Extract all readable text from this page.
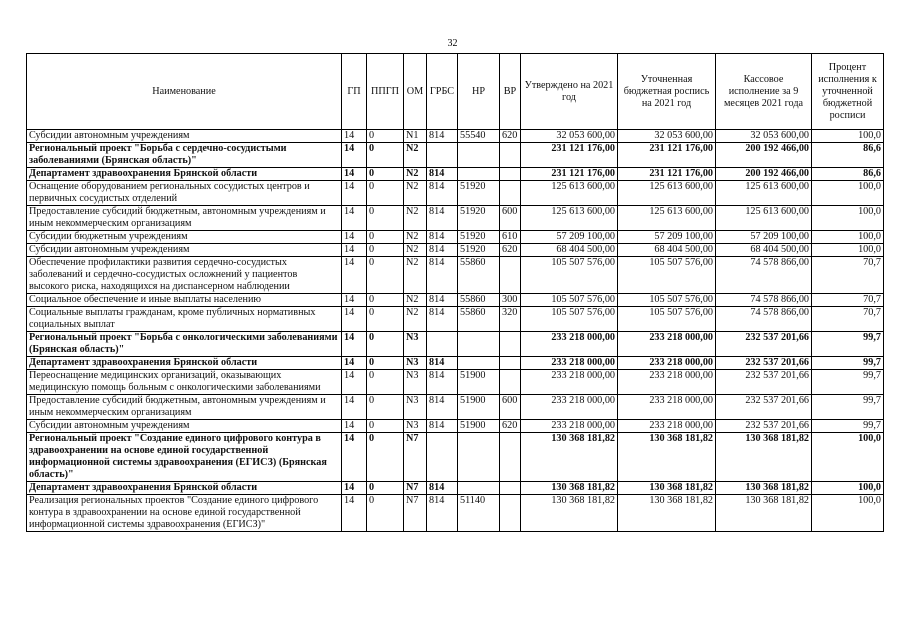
32
Наименование	ГП	ППГП	ОМ	ГРБС	НР	ВР	Утверждено на 2021 год	Уточненная бюджетная роспись на 2021 год	Кассовое исполнение за 9 месяцев 2021 года	Процент исполнения к уточненной бюджетной росписи
Субсидии автономным учреждениям	14	0	N1	814	55540	620	32 053 600,00	32 053 600,00	32 053 600,00	100,0
Региональный проект "Борьба с сердечно-сосудистыми заболеваниями (Брянская область)"	14	0	N2				231 121 176,00	231 121 176,00	200 192 466,00	86,6
Департамент здравоохранения Брянской области	14	0	N2	814			231 121 176,00	231 121 176,00	200 192 466,00	86,6
Оснащение оборудованием региональных сосудистых центров и первичных сосудистых отделений	14	0	N2	814	51920		125 613 600,00	125 613 600,00	125 613 600,00	100,0
Предоставление субсидий бюджетным, автономным учреждениям и иным некоммерческим организациям	14	0	N2	814	51920	600	125 613 600,00	125 613 600,00	125 613 600,00	100,0
Субсидии бюджетным учреждениям	14	0	N2	814	51920	610	57 209 100,00	57 209 100,00	57 209 100,00	100,0
Субсидии автономным учреждениям	14	0	N2	814	51920	620	68 404 500,00	68 404 500,00	68 404 500,00	100,0
Обеспечение профилактики развития сердечно-сосудистых заболеваний и сердечно-сосудистых осложнений у пациентов высокого риска, находящихся на диспансерном наблюдении	14	0	N2	814	55860		105 507 576,00	105 507 576,00	74 578 866,00	70,7
Социальное обеспечение и иные выплаты населению	14	0	N2	814	55860	300	105 507 576,00	105 507 576,00	74 578 866,00	70,7
Социальные выплаты гражданам, кроме публичных нормативных социальных выплат	14	0	N2	814	55860	320	105 507 576,00	105 507 576,00	74 578 866,00	70,7
Региональный проект "Борьба с онкологическими заболеваниями (Брянская область)"	14	0	N3				233 218 000,00	233 218 000,00	232 537 201,66	99,7
Департамент здравоохранения Брянской области	14	0	N3	814			233 218 000,00	233 218 000,00	232 537 201,66	99,7
Переоснащение медицинских организаций, оказывающих медицинскую помощь больным с онкологическими заболеваниями	14	0	N3	814	51900		233 218 000,00	233 218 000,00	232 537 201,66	99,7
Предоставление субсидий бюджетным, автономным учреждениям и иным некоммерческим организациям	14	0	N3	814	51900	600	233 218 000,00	233 218 000,00	232 537 201,66	99,7
Субсидии автономным учреждениям	14	0	N3	814	51900	620	233 218 000,00	233 218 000,00	232 537 201,66	99,7
Региональный проект "Создание единого цифрового контура в здравоохранении на основе единой государственной информационной системы здравоохранения (ЕГИСЗ) (Брянская область)"	14	0	N7				130 368 181,82	130 368 181,82	130 368 181,82	100,0
Департамент здравоохранения Брянской области	14	0	N7	814			130 368 181,82	130 368 181,82	130 368 181,82	100,0
Реализация региональных проектов "Создание единого цифрового контура в здравоохранении на основе единой государственной информационной системы здравоохранения (ЕГИСЗ)"	14	0	N7	814	51140		130 368 181,82	130 368 181,82	130 368 181,82	100,0
